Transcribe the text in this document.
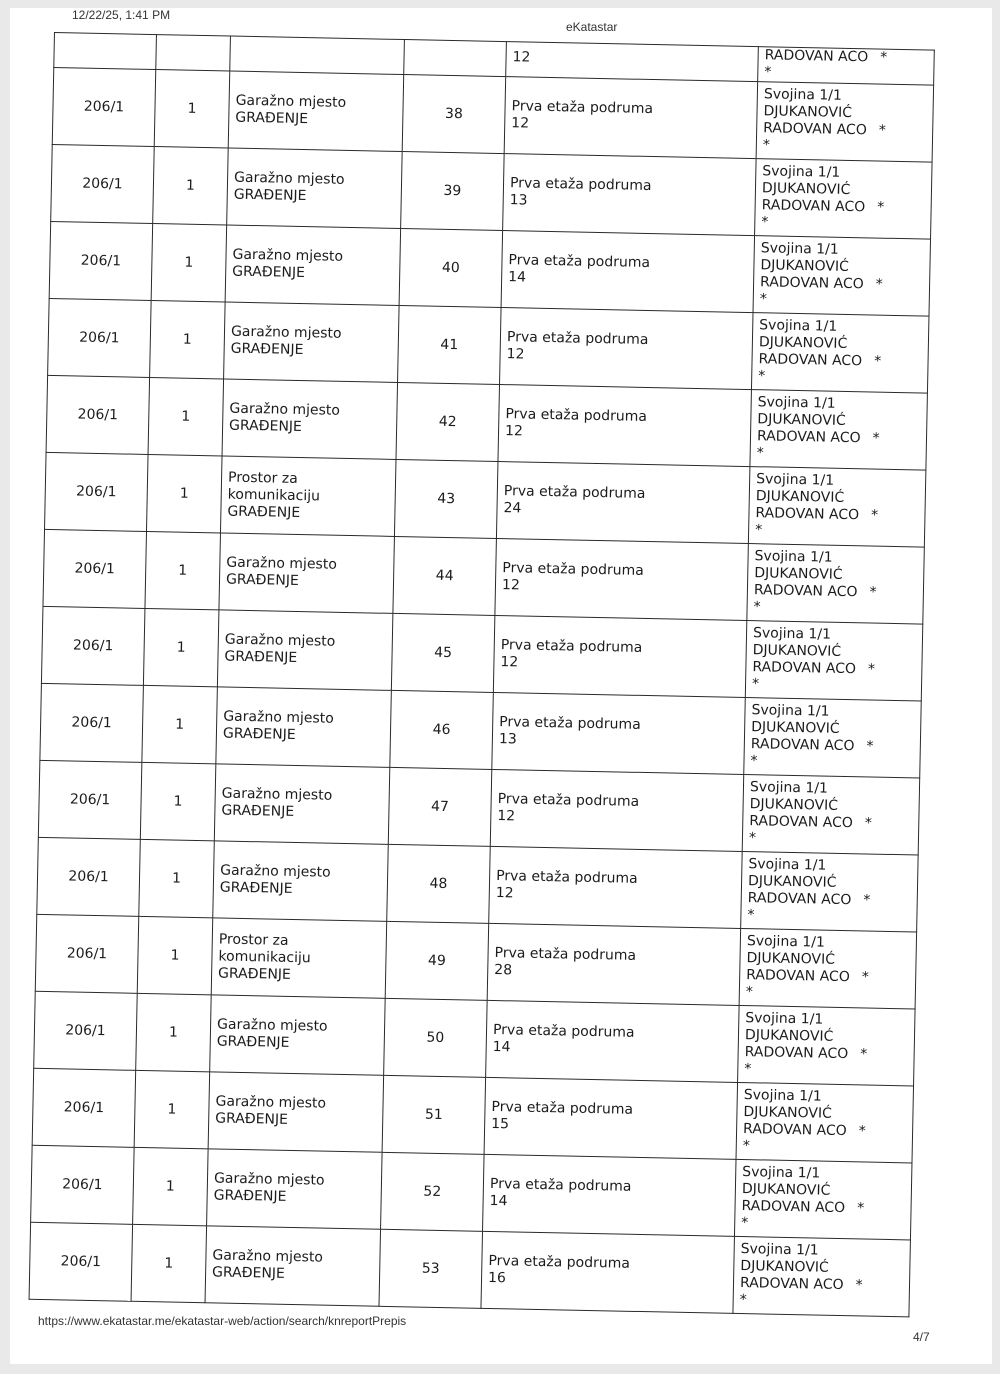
12/22/25, 1:41 PM
eKatastar
				12	RADOVAN ACO *
*

206/1	1	Garažno mjesto
GRAĐENJE	38	Prva etaža podruma
12	Svojina 1/1
DJUKANOVIĆ
RADOVAN ACO *
*

206/1	1	Garažno mjesto
GRAĐENJE	39	Prva etaža podruma
13	Svojina 1/1
DJUKANOVIĆ
RADOVAN ACO *
*

206/1	1	Garažno mjesto
GRAĐENJE	40	Prva etaža podruma
14	Svojina 1/1
DJUKANOVIĆ
RADOVAN ACO *
*

206/1	1	Garažno mjesto
GRAĐENJE	41	Prva etaža podruma
12	Svojina 1/1
DJUKANOVIĆ
RADOVAN ACO *
*

206/1	1	Garažno mjesto
GRAĐENJE	42	Prva etaža podruma
12	Svojina 1/1
DJUKANOVIĆ
RADOVAN ACO *
*

206/1	1	Prostor za
komunikaciju
GRAĐENJE	43	Prva etaža podruma
24	Svojina 1/1
DJUKANOVIĆ
RADOVAN ACO *
*

206/1	1	Garažno mjesto
GRAĐENJE	44	Prva etaža podruma
12	Svojina 1/1
DJUKANOVIĆ
RADOVAN ACO *
*

206/1	1	Garažno mjesto
GRAĐENJE	45	Prva etaža podruma
12	Svojina 1/1
DJUKANOVIĆ
RADOVAN ACO *
*

206/1	1	Garažno mjesto
GRAĐENJE	46	Prva etaža podruma
13	Svojina 1/1
DJUKANOVIĆ
RADOVAN ACO *
*

206/1	1	Garažno mjesto
GRAĐENJE	47	Prva etaža podruma
12	Svojina 1/1
DJUKANOVIĆ
RADOVAN ACO *
*

206/1	1	Garažno mjesto
GRAĐENJE	48	Prva etaža podruma
12	Svojina 1/1
DJUKANOVIĆ
RADOVAN ACO *
*

206/1	1	Prostor za
komunikaciju
GRAĐENJE	49	Prva etaža podruma
28	Svojina 1/1
DJUKANOVIĆ
RADOVAN ACO *
*

206/1	1	Garažno mjesto
GRAĐENJE	50	Prva etaža podruma
14	Svojina 1/1
DJUKANOVIĆ
RADOVAN ACO *
*

206/1	1	Garažno mjesto
GRAĐENJE	51	Prva etaža podruma
15	Svojina 1/1
DJUKANOVIĆ
RADOVAN ACO *
*

206/1	1	Garažno mjesto
GRAĐENJE	52	Prva etaža podruma
14	Svojina 1/1
DJUKANOVIĆ
RADOVAN ACO *
*

206/1	1	Garažno mjesto
GRAĐENJE	53	Prva etaža podruma
16	Svojina 1/1
DJUKANOVIĆ
RADOVAN ACO *
*
https://www.ekatastar.me/ekatastar-web/action/search/knreportPrepis
4/7
